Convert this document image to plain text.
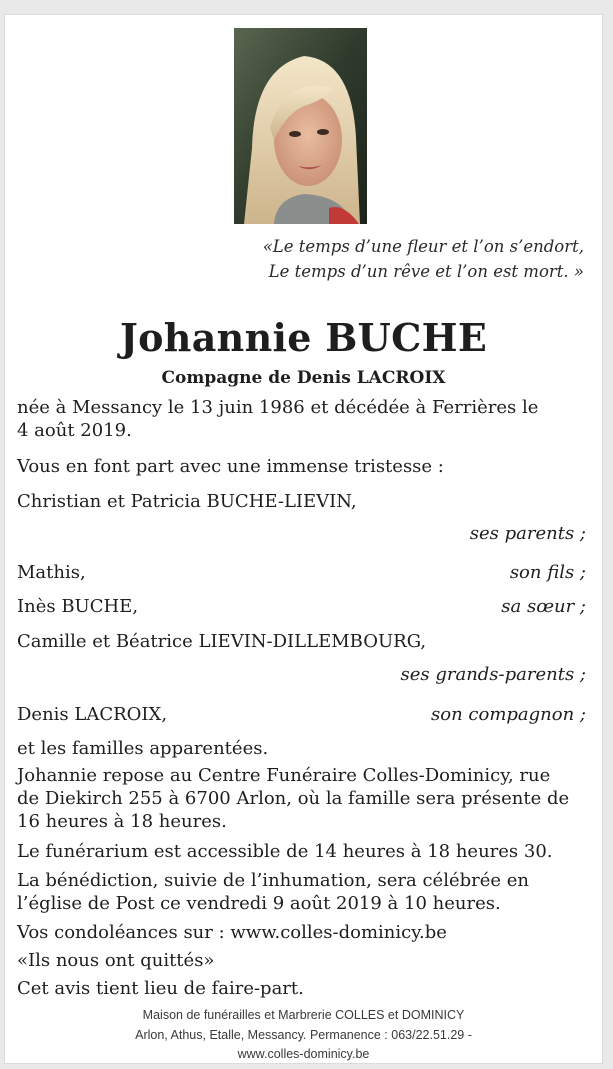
«Le temps d’une fleur et l’on s’endort,
Le temps d’un rêve et l’on est mort. »
Johannie BUCHE
Compagne de Denis LACROIX
née à Messancy le 13 juin 1986 et décédée à Ferrières le
4 août 2019.
Vous en font part avec une immense tristesse :
Christian et Patricia BUCHE-LIEVIN,
ses parents ;
Mathis,	son fils ;
Inès BUCHE,	sa sœur ;
Camille et Béatrice LIEVIN-DILLEMBOURG,
ses grands-parents ;
Denis LACROIX,	son compagnon ;
et les familles apparentées.
Johannie repose au Centre Funéraire Colles-Dominicy, rue
de Diekirch 255 à 6700 Arlon, où la famille sera présente de
16 heures à 18 heures.
Le funérarium est accessible de 14 heures à 18 heures 30.
La bénédiction, suivie de l’inhumation, sera célébrée en
l’église de Post ce vendredi 9 août 2019 à 10 heures.
Vos condoléances sur : www.colles-dominicy.be
«Ils nous ont quittés»
Cet avis tient lieu de faire-part.
Maison de funérailles et Marbrerie COLLES et DOMINICY
Arlon, Athus, Etalle, Messancy. Permanence : 063/22.51.29 -
www.colles-dominicy.be
